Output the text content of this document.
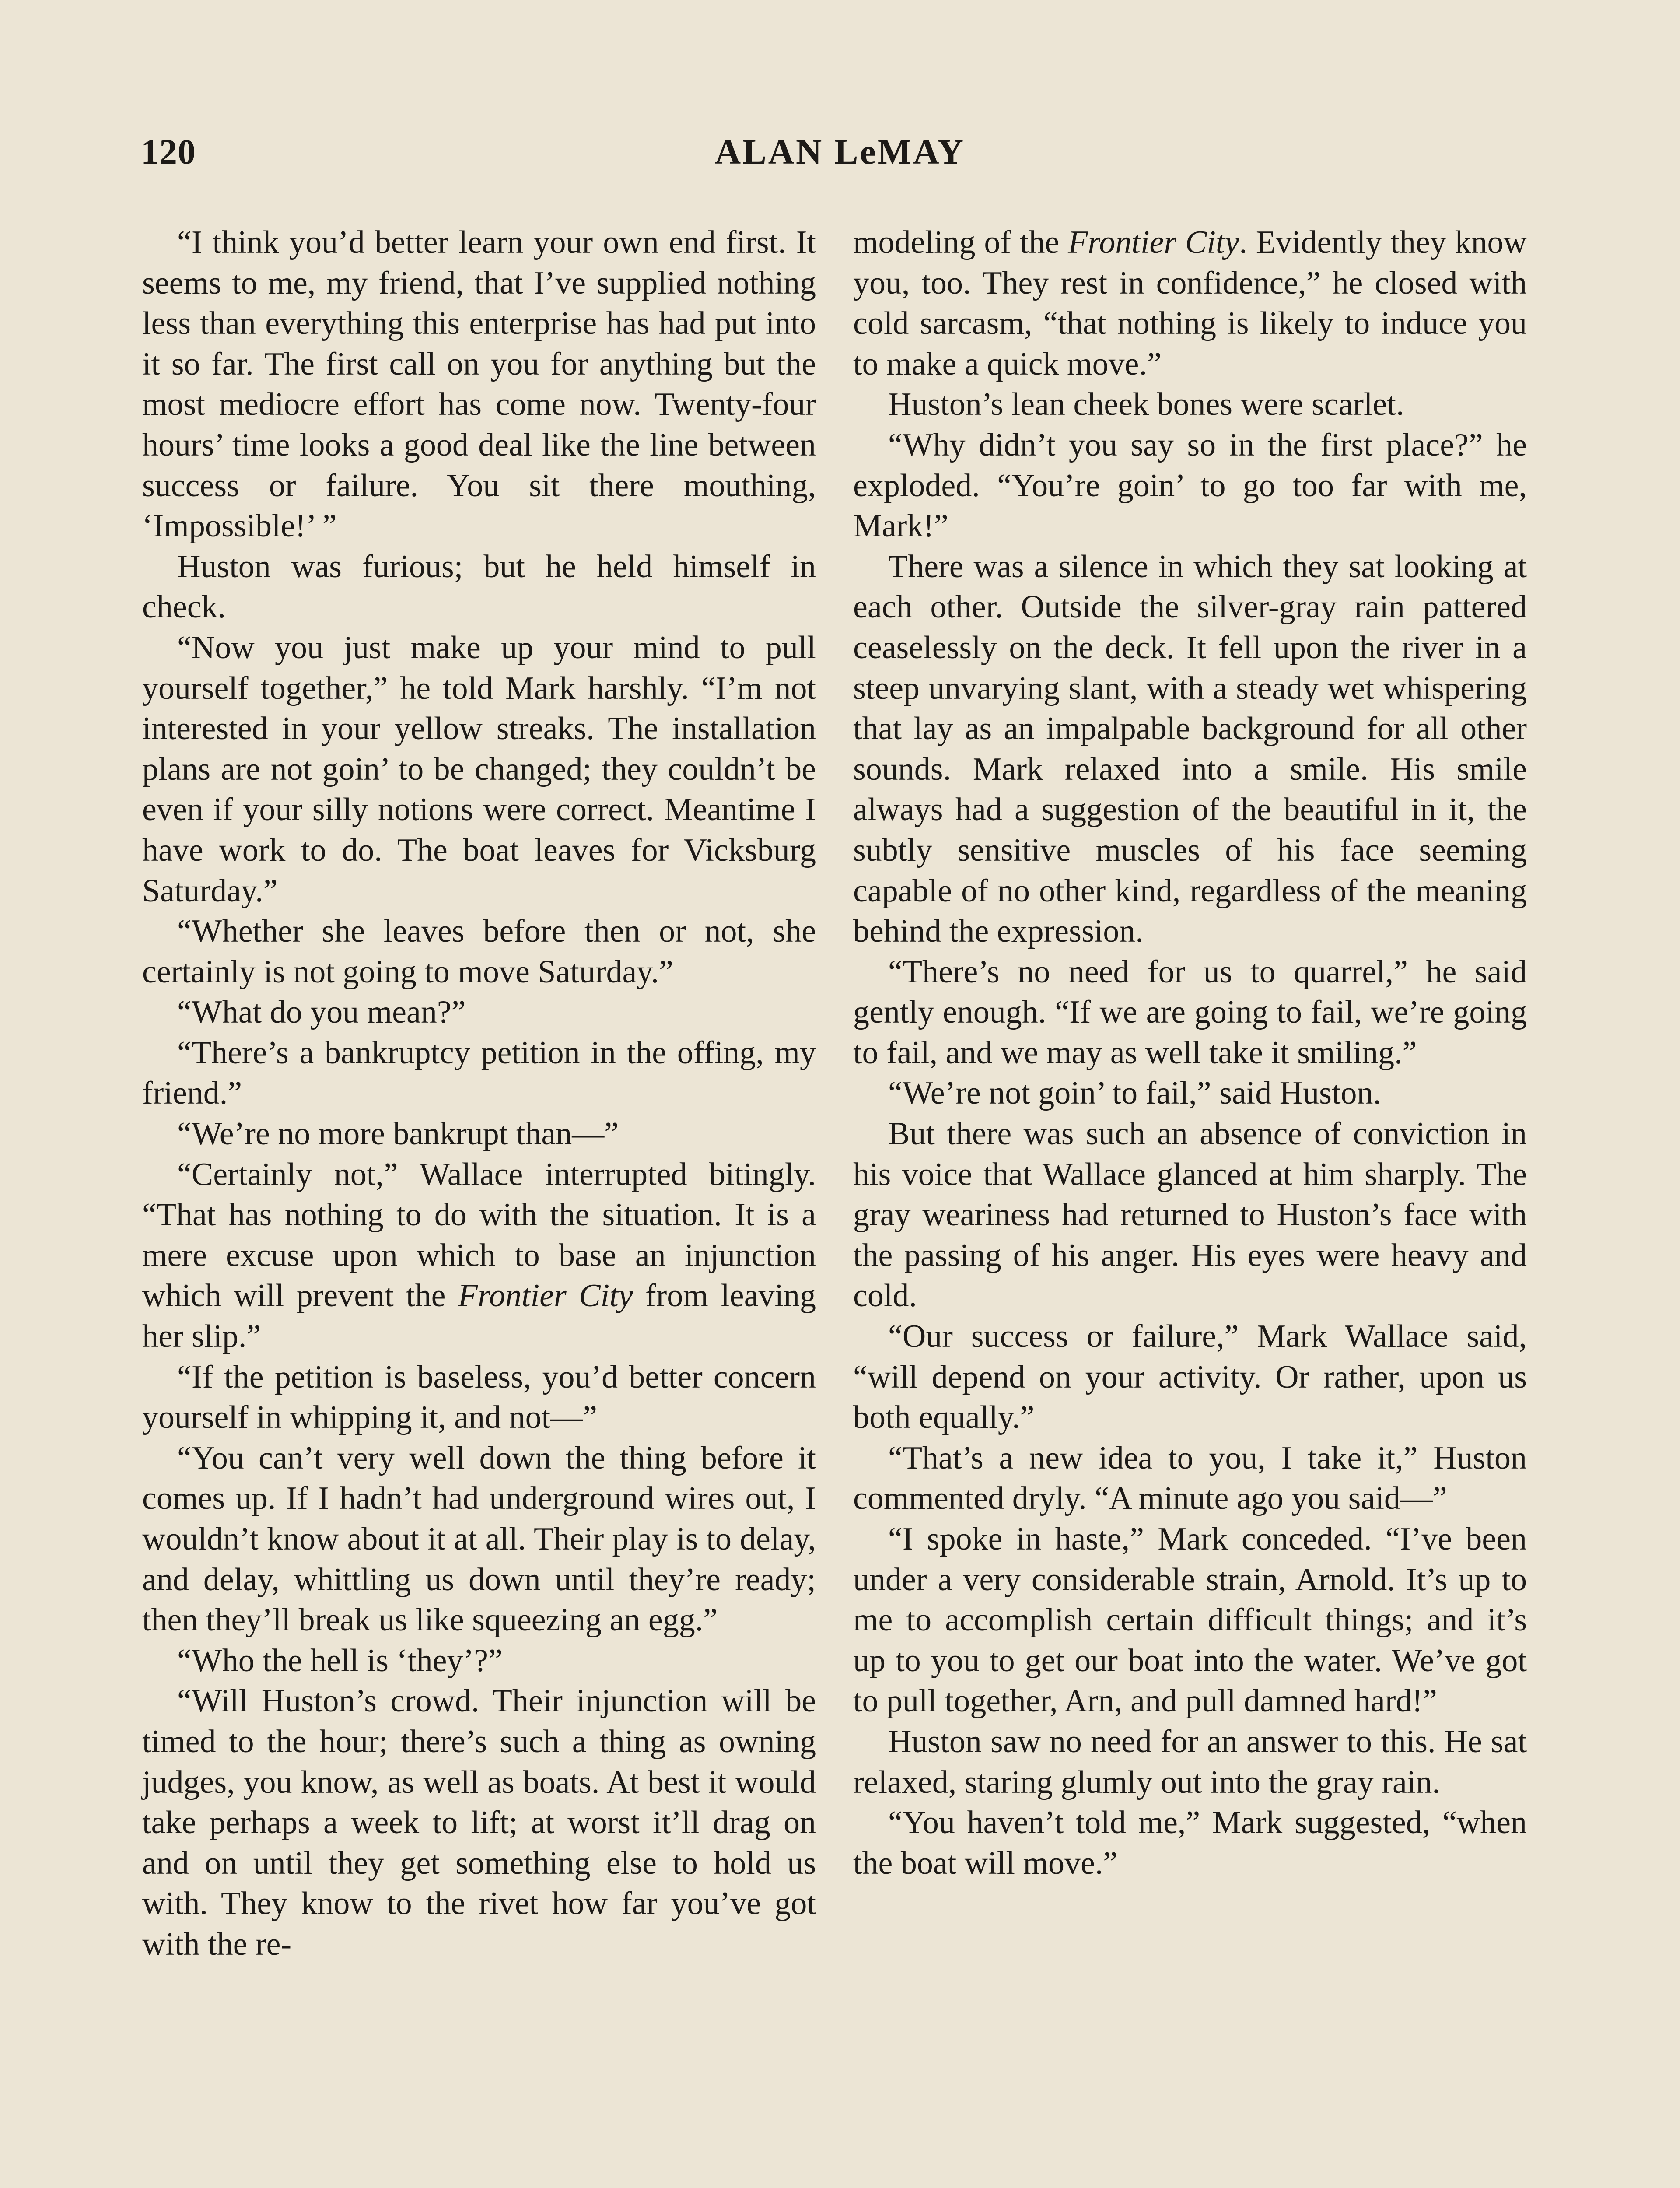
120	ALAN LeMAY

“I think you’d better learn your own end first. It seems to me, my friend, that I’ve supplied nothing less than everything this enterprise has had put into it so far. The first call on you for anything but the most mediocre effort has come now. Twenty-four hours’ time looks a good deal like the line between success or failure. You sit there mouthing, ‘Impossible!’ ”

Huston was furious; but he held himself in check.

“Now you just make up your mind to pull yourself together,” he told Mark harshly. “I’m not interested in your yellow streaks. The installation plans are not goin’ to be changed; they couldn’t be even if your silly notions were correct. Meantime I have work to do. The boat leaves for Vicksburg Saturday.”

“Whether she leaves before then or not, she certainly is not going to move Saturday.”

“What do you mean?”

“There’s a bankruptcy petition in the offing, my friend.”

“We’re no more bankrupt than—”

“Certainly not,” Wallace interrupted bitingly. “That has nothing to do with the situation. It is a mere excuse upon which to base an injunction which will prevent the Frontier City from leaving her slip.”

“If the petition is baseless, you’d better concern yourself in whipping it, and not—”

“You can’t very well down the thing before it comes up. If I hadn’t had underground wires out, I wouldn’t know about it at all. Their play is to delay, and delay, whittling us down until they’re ready; then they’ll break us like squeezing an egg.”

“Who the hell is ‘they’?”

“Will Huston’s crowd. Their injunction will be timed to the hour; there’s such a thing as owning judges, you know, as well as boats. At best it would take perhaps a week to lift; at worst it’ll drag on and on until they get something else to hold us with. They know to the rivet how far you’ve got with the re-

modeling of the Frontier City. Evidently they know you, too. They rest in confidence,” he closed with cold sarcasm, “that nothing is likely to induce you to make a quick move.”

Huston’s lean cheek bones were scarlet.

“Why didn’t you say so in the first place?” he exploded. “You’re goin’ to go too far with me, Mark!”

There was a silence in which they sat looking at each other. Outside the silver-gray rain pattered ceaselessly on the deck. It fell upon the river in a steep unvarying slant, with a steady wet whispering that lay as an impalpable background for all other sounds. Mark relaxed into a smile. His smile always had a suggestion of the beautiful in it, the subtly sensitive muscles of his face seeming capable of no other kind, regardless of the meaning behind the expression.

“There’s no need for us to quarrel,” he said gently enough. “If we are going to fail, we’re going to fail, and we may as well take it smiling.”

“We’re not goin’ to fail,” said Huston.

But there was such an absence of conviction in his voice that Wallace glanced at him sharply. The gray weariness had returned to Huston’s face with the passing of his anger. His eyes were heavy and cold.

“Our success or failure,” Mark Wallace said, “will depend on your activity. Or rather, upon us both equally.”

“That’s a new idea to you, I take it,” Huston commented dryly. “A minute ago you said—”

“I spoke in haste,” Mark conceded. “I’ve been under a very considerable strain, Arnold. It’s up to me to accomplish certain difficult things; and it’s up to you to get our boat into the water. We’ve got to pull together, Arn, and pull damned hard!”

Huston saw no need for an answer to this. He sat relaxed, staring glumly out into the gray rain.

“You haven’t told me,” Mark suggested, “when the boat will move.”
